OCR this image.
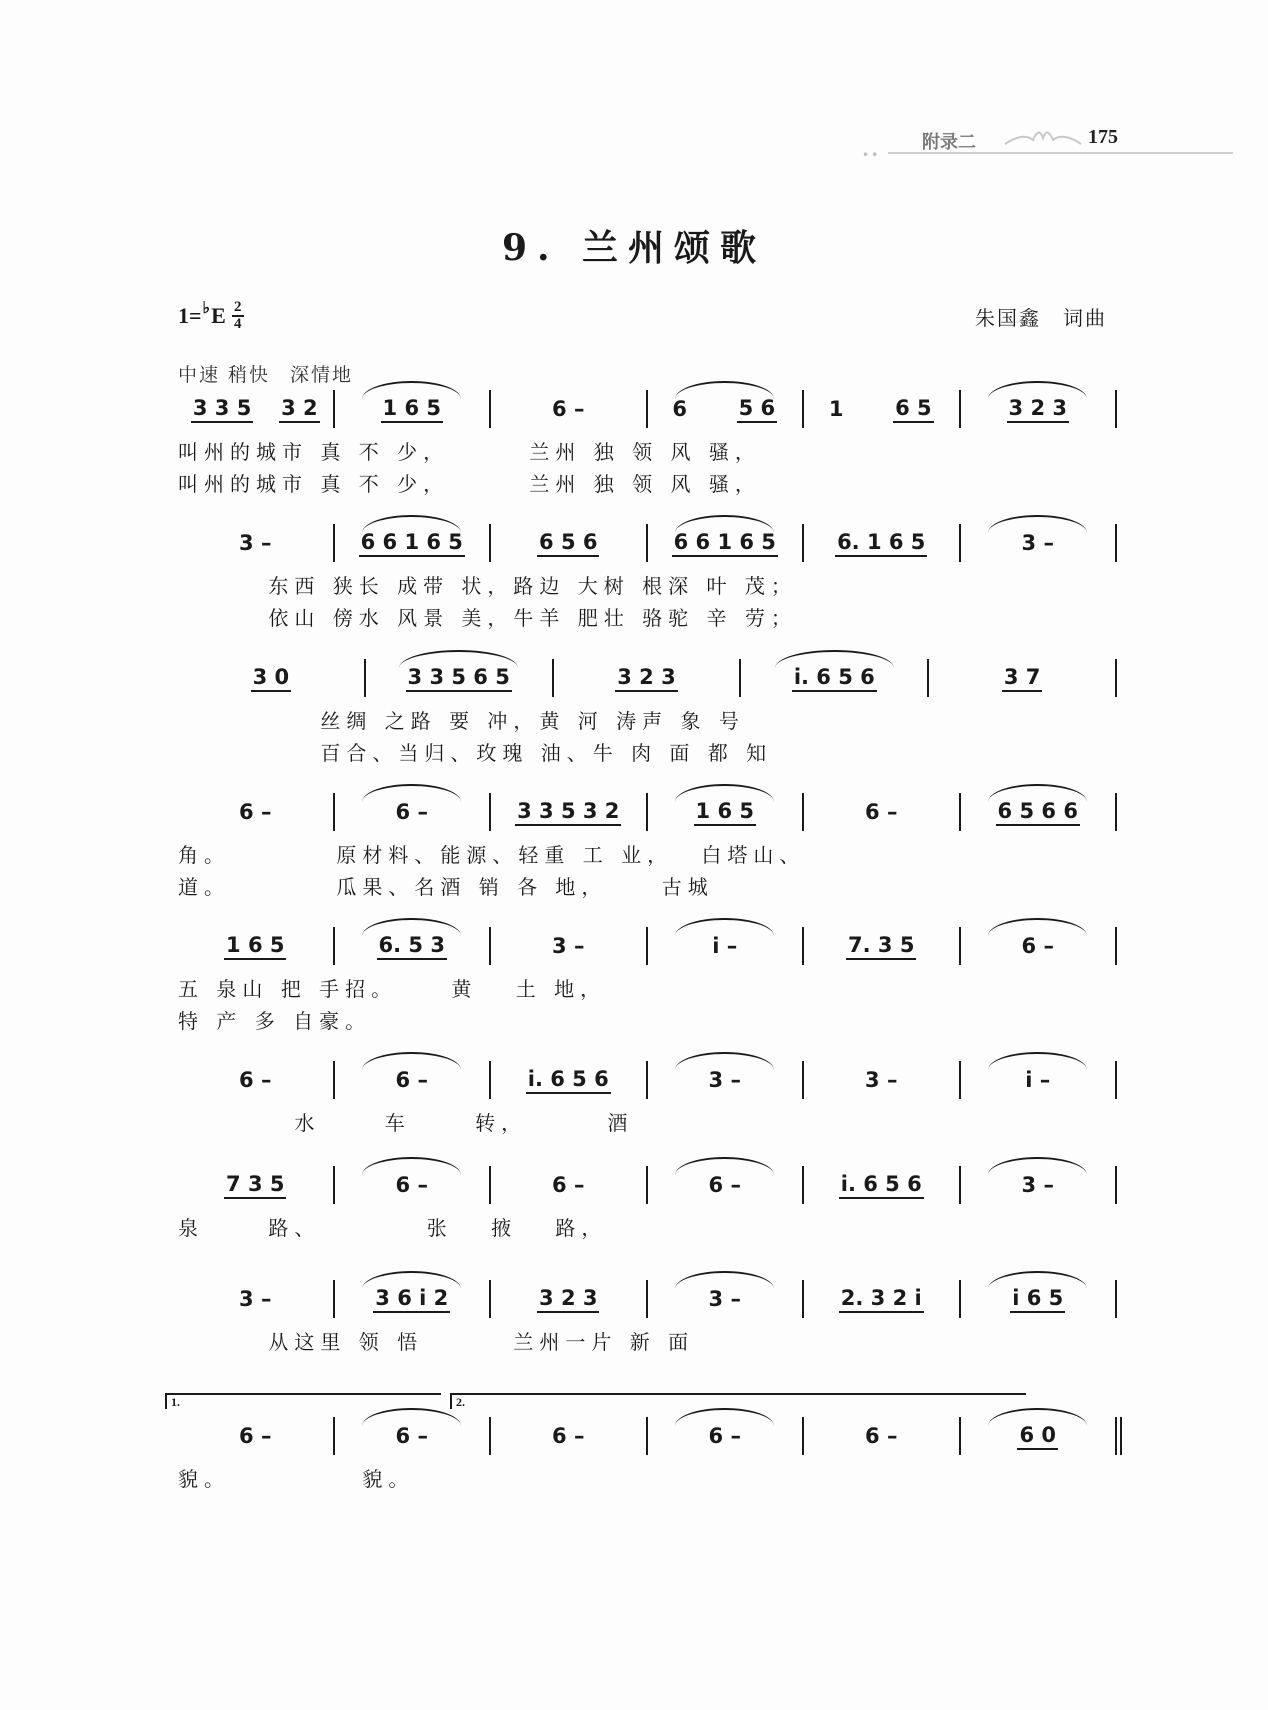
••
附录二	175
9. 兰州颂歌
1= ♭ E 2
4	朱国鑫 词曲
中速 稍快 深情地
3 3 5 3 2	1 6 5	6 –	6 5 6	1 6 5	3 2 3
叫州的城市 真 不 少，　　　 兰州 独 领 风 骚，
叫州的城市 真 不 少，　　　 兰州 独 领 风 骚，
3 –	6 6 1 6 5	6 5 6	6 6 1 6 5	6. 1 6 5	3 –
　　　 东西 狭长 成带 状，路边 大树 根深 叶 茂；
　　　 依山 傍水 风景 美，牛羊 肥壮 骆驼 辛 劳；
3 0	3 3 5 6 5	3 2 3	i. 6 5 6	3 7
　　　　　 丝绸 之路 要 冲，黄 河 涛声 象 号
　　　　　 百合、当归、玫瑰 油、牛 肉 面 都 知
6 –	6 –	3 3 5 3 2	1 6 5	6 –	6 5 6 6
角。　　　　 原材料、能源、轻重 工 业，　 白塔山、
道。　　　　 瓜果、名酒 销 各 地，　　 古城
1 6 5	6. 5 3	3 –	i –	7. 3 5	6 –
五 泉山 把 手招。　　 黄　 土 地，
特 产 多 自豪。
6 –	6 –	i. 6 5 6	3 –	3 –	i –
　　　　 水　　 车　　 转，　　　 酒
7 3 5	6 –	6 –	6 –	i. 6 5 6	3 –
泉　　 路、　　　　 张　 掖　 路，
3 –	3 6 i 2	3 2 3	3 –	2. 3 2 i	i 6 5
　　　 从这里 领 悟　　　 兰州一片 新 面
6 –	6 –	6 –	6 –	6 –	6 0
1.	2.
貌。　　　　　 貌。
